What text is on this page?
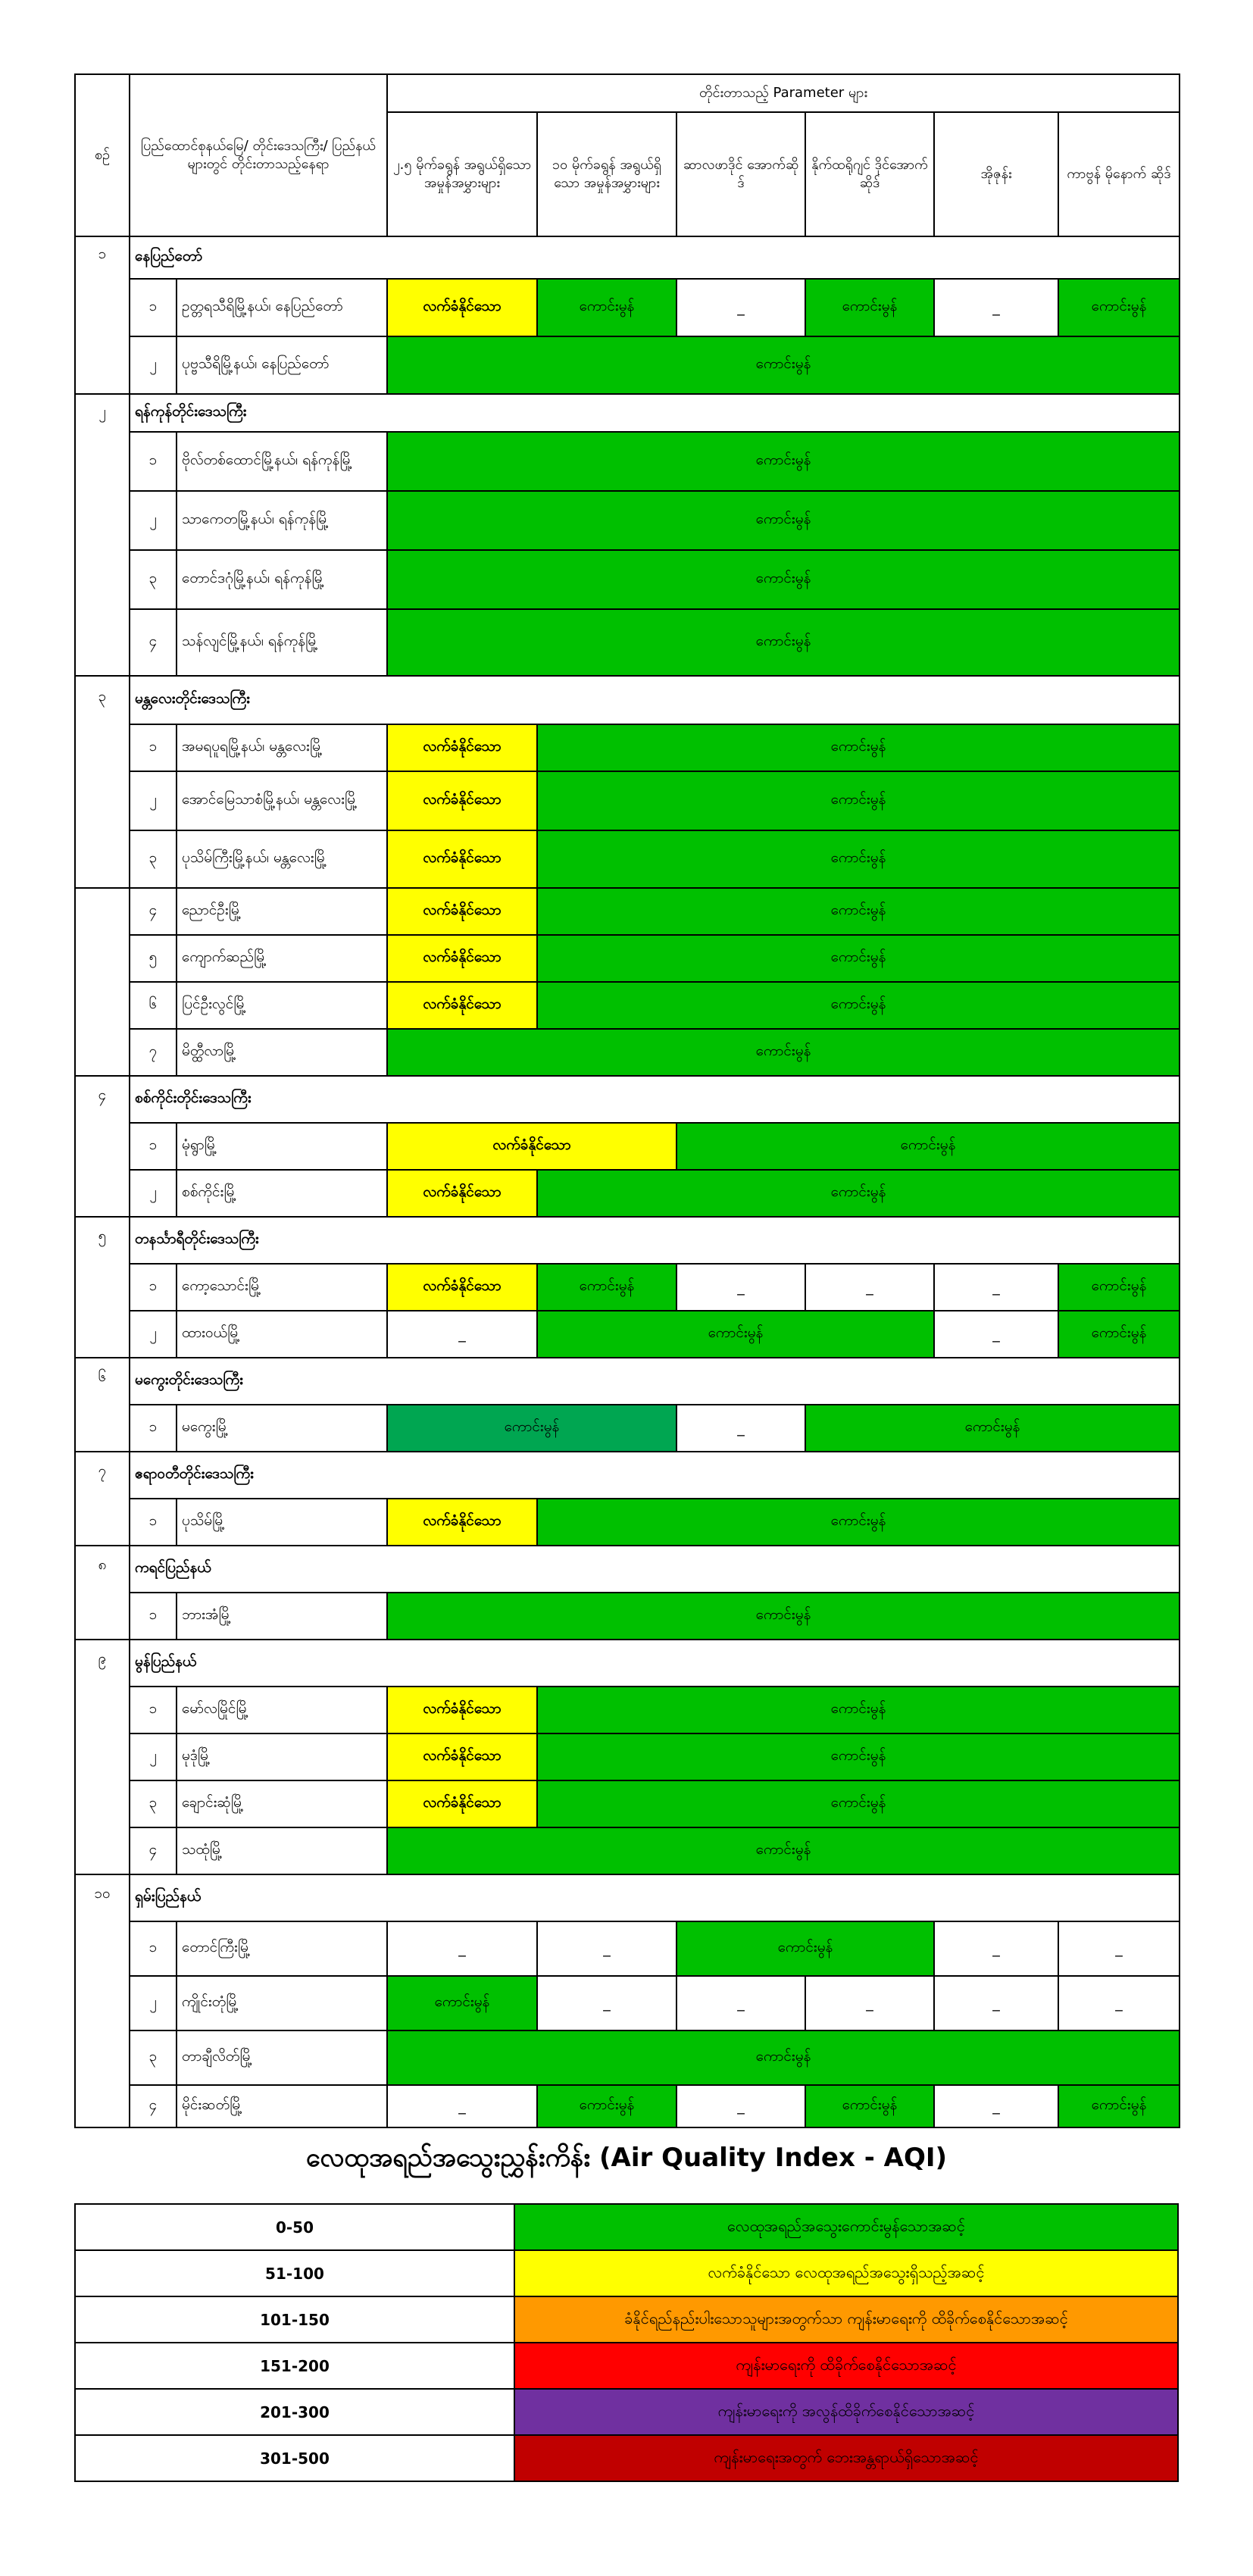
စဉ်	ပြည်ထောင်စုနယ်မြေ/ တိုင်းဒေသကြီး/ ပြည်နယ်များတွင် တိုင်းတာသည့်နေရာ		တိုင်းတာသည့် Parameter များ					
			၂.၅ မိုက်ခရွန် အရွယ်ရှိသော အမှုန်အမွှားများ	၁၀ မိုက်ခရွန် အရွယ်ရှိသော အမှုန်အမွှားများ	ဆာလဖာဒိုင် အောက်ဆိုဒ်	နိုက်ထရိုဂျင် ဒိုင်အောက် ဆိုဒ်	အိုဇုန်း	ကာဗွန် မိုနောက် ဆိုဒ်
၁	နေပြည်တော်							
	၁	ဥတ္တရသီရိမြို့နယ်၊ နေပြည်တော်	လက်ခံနိုင်သော	ကောင်းမွန်	_	ကောင်းမွန်	_	ကောင်းမွန်
	၂	ပုဗ္ဗသီရိမြို့နယ်၊ နေပြည်တော်	ကောင်းမွန်					
၂	ရန်ကုန်တိုင်းဒေသကြီး							
	၁	ဗိုလ်တစ်ထောင်မြို့နယ်၊ ရန်ကုန်မြို့	ကောင်းမွန်					
	၂	သာကေတမြို့နယ်၊ ရန်ကုန်မြို့	ကောင်းမွန်					
	၃	တောင်ဒဂုံမြို့နယ်၊ ရန်ကုန်မြို့	ကောင်းမွန်					
	၄	သန်လျင်မြို့နယ်၊ ရန်ကုန်မြို့	ကောင်းမွန်					
၃	မန္တလေးတိုင်းဒေသကြီး							
	၁	အမရပူရမြို့နယ်၊ မန္တလေးမြို့	လက်ခံနိုင်သော	ကောင်းမွန်				
	၂	အောင်မြေသာစံမြို့နယ်၊ မန္တလေးမြို့	လက်ခံနိုင်သော	ကောင်းမွန်				
	၃	ပုသိမ်ကြီးမြို့နယ်၊ မန္တလေးမြို့	လက်ခံနိုင်သော	ကောင်းမွန်				
	၄	ညောင်ဦးမြို့	လက်ခံနိုင်သော	ကောင်းမွန်				
	၅	ကျောက်ဆည်မြို့	လက်ခံနိုင်သော	ကောင်းမွန်				
	၆	ပြင်ဦးလွင်မြို့	လက်ခံနိုင်သော	ကောင်းမွန်				
	၇	မိတ္ထီလာမြို့	ကောင်းမွန်					
၄	စစ်ကိုင်းတိုင်းဒေသကြီး							
	၁	မုံရွာမြို့	လက်ခံနိုင်သော		ကောင်းမွန်			
	၂	စစ်ကိုင်းမြို့	လက်ခံနိုင်သော	ကောင်းမွန်				
၅	တနင်္သာရီတိုင်းဒေသကြီး							
	၁	ကော့သောင်းမြို့	လက်ခံနိုင်သော	ကောင်းမွန်	_	_	_	ကောင်းမွန်
	၂	ထားဝယ်မြို့	_	ကောင်းမွန်			_	ကောင်းမွန်
၆	မကွေးတိုင်းဒေသကြီး							
	၁	မကွေးမြို့	ကောင်းမွန်		_	ကောင်းမွန်		
၇	ဧရာဝတီတိုင်းဒေသကြီး							
	၁	ပုသိမ်မြို့	လက်ခံနိုင်သော	ကောင်းမွန်				
၈	ကရင်ပြည်နယ်							
	၁	ဘားအံမြို့	ကောင်းမွန်					
၉	မွန်ပြည်နယ်							
	၁	မော်လမြိုင်မြို့	လက်ခံနိုင်သော	ကောင်းမွန်				
	၂	မုဒုံမြို့	လက်ခံနိုင်သော	ကောင်းမွန်				
	၃	ချောင်းဆုံမြို့	လက်ခံနိုင်သော	ကောင်းမွန်				
	၄	သထုံမြို့	ကောင်းမွန်					
၁၀	ရှမ်းပြည်နယ်							
	၁	တောင်ကြီးမြို့	_	_	ကောင်းမွန်		_	_
	၂	ကျိုင်းတုံမြို့	ကောင်းမွန်	_	_	_	_	_
	၃	တာချီလိတ်မြို့	ကောင်းမွန်					
	၄	မိုင်းဆတ်မြို့	_	ကောင်းမွန်	_	ကောင်းမွန်	_	ကောင်းမွန်
လေထုအရည်အသွေးညွှန်းကိန်း (Air Quality Index - AQI)
0-50	လေထုအရည်အသွေးကောင်းမွန်သောအဆင့်
51-100	လက်ခံနိုင်သော လေထုအရည်အသွေးရှိသည့်အဆင့်
101-150	ခံနိုင်ရည်နည်းပါးသောသူများအတွက်သာ ကျန်းမာရေးကို ထိခိုက်စေနိုင်သောအဆင့်
151-200	ကျန်းမာရေးကို ထိခိုက်စေနိုင်သောအဆင့်
201-300	ကျန်းမာရေးကို အလွန်ထိခိုက်စေနိုင်သောအဆင့်
301-500	ကျန်းမာရေးအတွက် ဘေးအန္တရာယ်ရှိသောအဆင့်
